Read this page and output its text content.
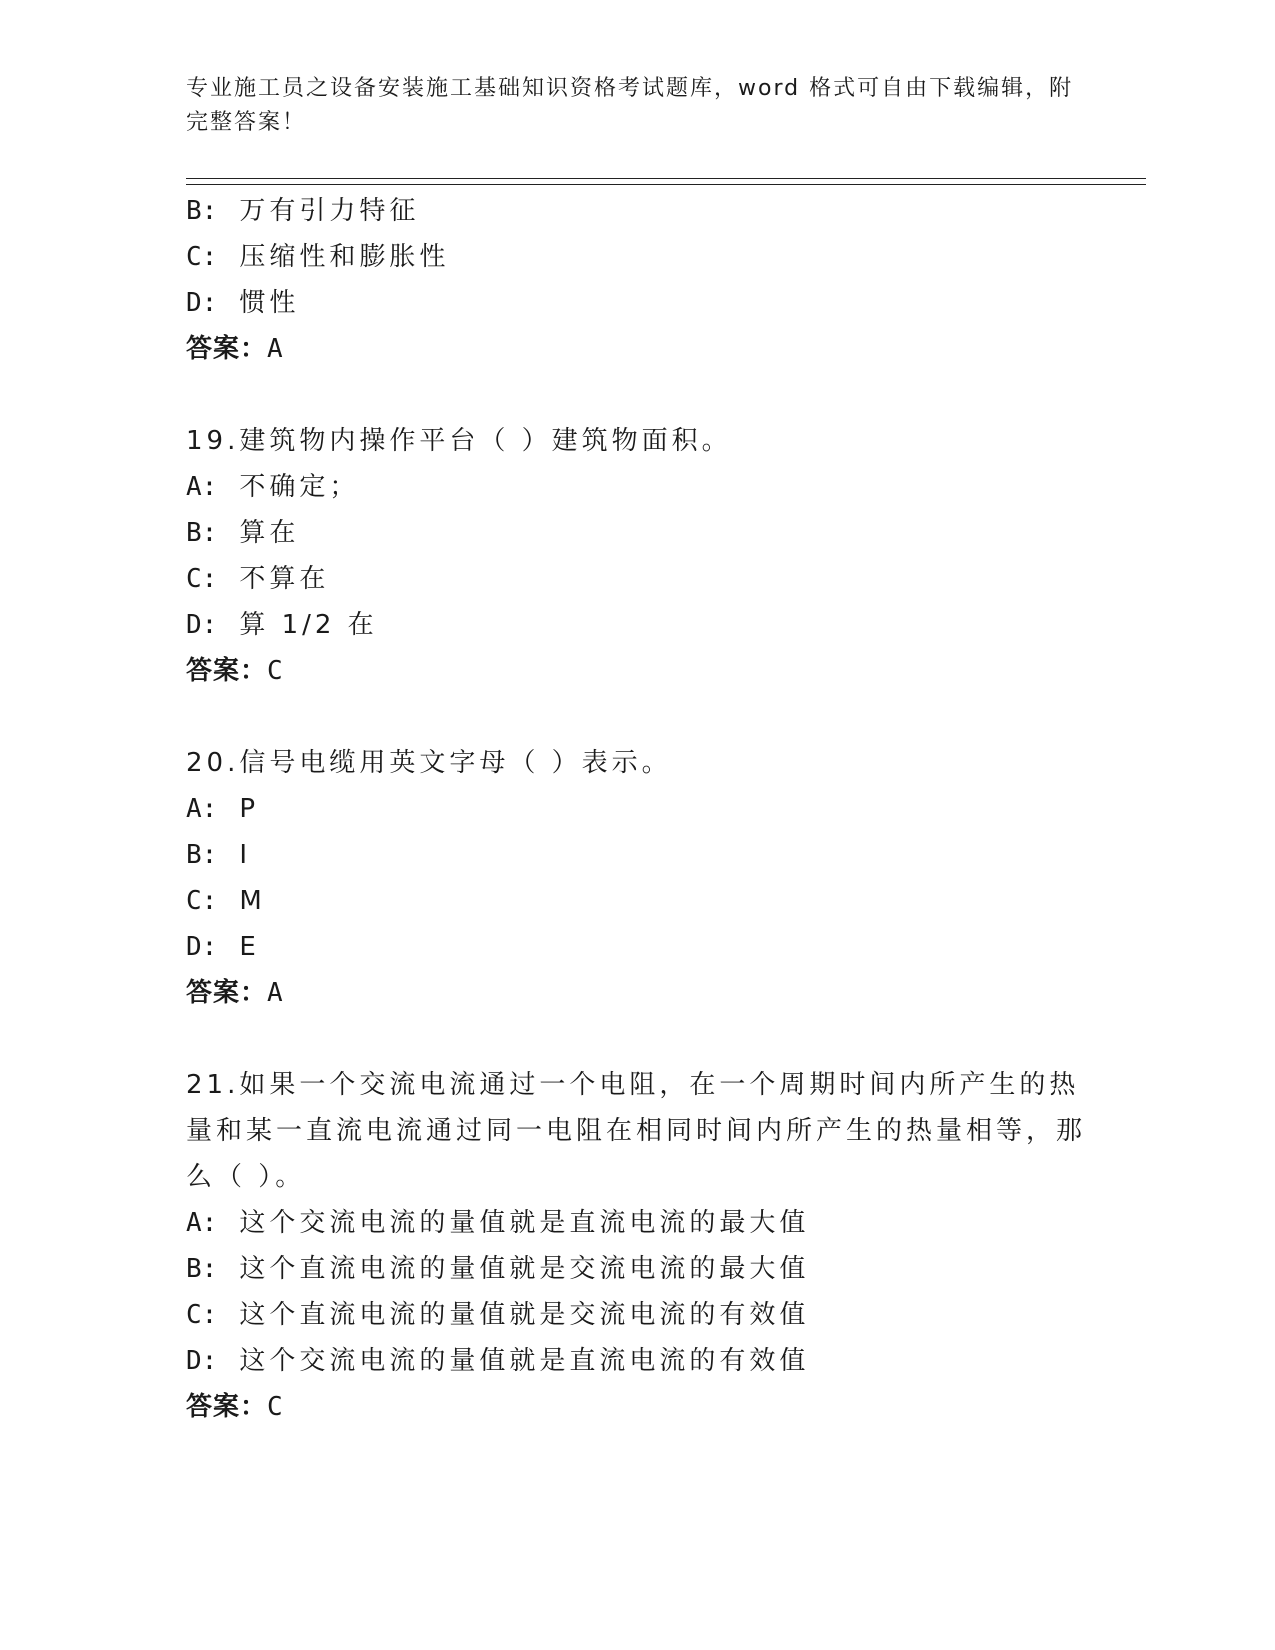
专业施工员之设备安装施工基础知识资格考试题库，word 格式可自由下载编辑，附完整答案！
B: 万有引力特征
C: 压缩性和膨胀性
D: 惯性
答案：A
19.建筑物内操作平台（ ）建筑物面积。
A: 不确定；
B: 算在
C: 不算在
D: 算 1/2 在
答案：C
20.信号电缆用英文字母（ ）表示。
A: P
B: I
C: M
D: E
答案：A
21.如果一个交流电流通过一个电阻，在一个周期时间内所产生的热量和某一直流电流通过同一电阻在相同时间内所产生的热量相等，那么（ ）。
A: 这个交流电流的量值就是直流电流的最大值
B: 这个直流电流的量值就是交流电流的最大值
C: 这个直流电流的量值就是交流电流的有效值
D: 这个交流电流的量值就是直流电流的有效值
答案：C
